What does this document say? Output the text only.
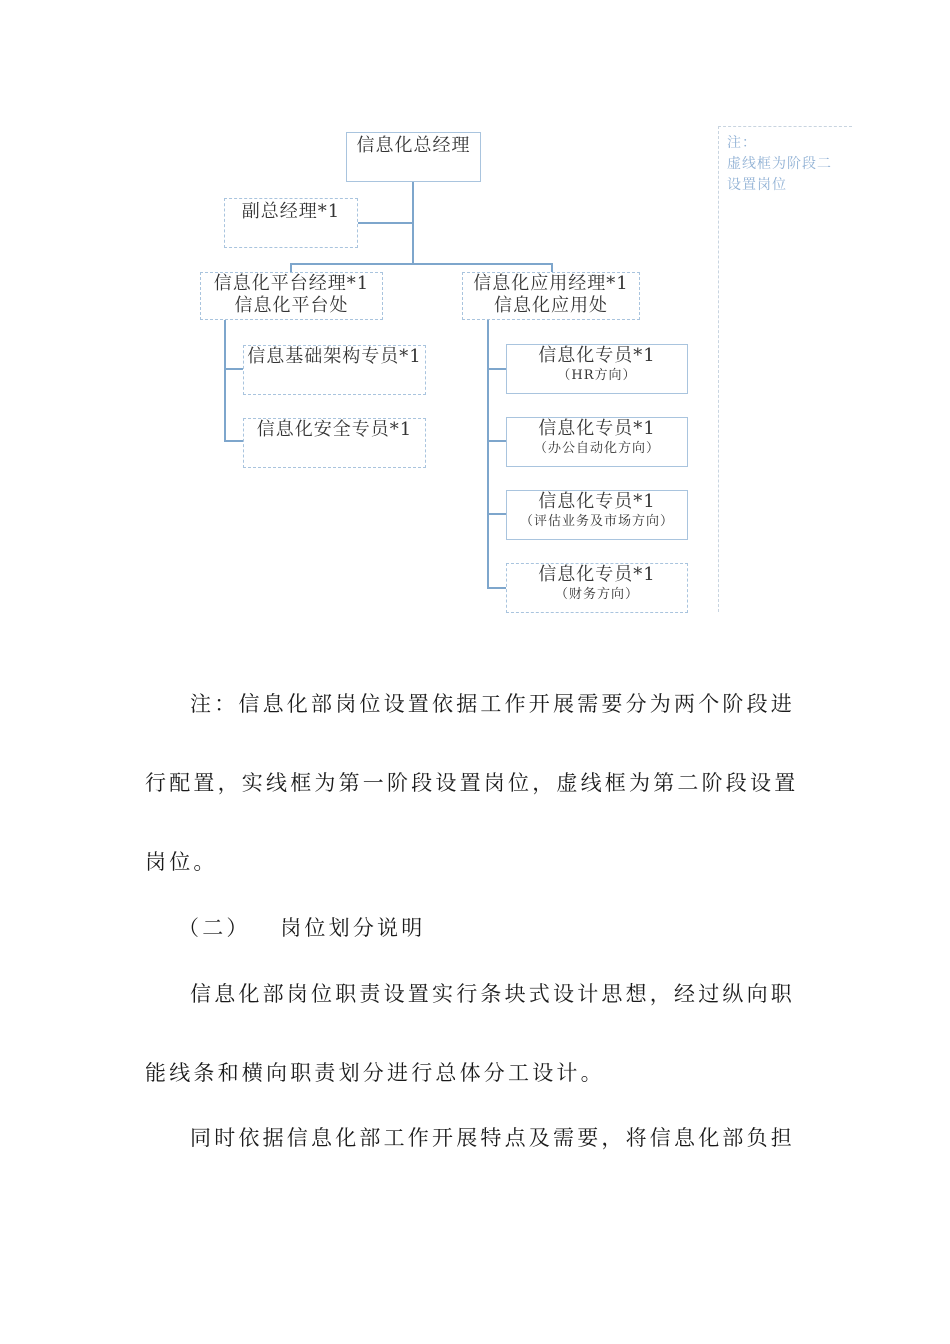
信息化总经理
副总经理*1
信息化平台经理*1
信息化平台处
信息化应用经理*1
信息化应用处
信息基础架构专员*1
信息化安全专员*1
信息化专员*1
（HR方向）
信息化专员*1
（办公自动化方向）
信息化专员*1
（评估业务及市场方向）
信息化专员*1
（财务方向）
注：
虚线框为阶段二
设置岗位
注：信息化部岗位设置依据工作开展需要分为两个阶段进
行配置，实线框为第一阶段设置岗位，虚线框为第二阶段设置
岗位。
（二）   岗位划分说明
信息化部岗位职责设置实行条块式设计思想，经过纵向职
能线条和横向职责划分进行总体分工设计。
同时依据信息化部工作开展特点及需要，将信息化部负担
